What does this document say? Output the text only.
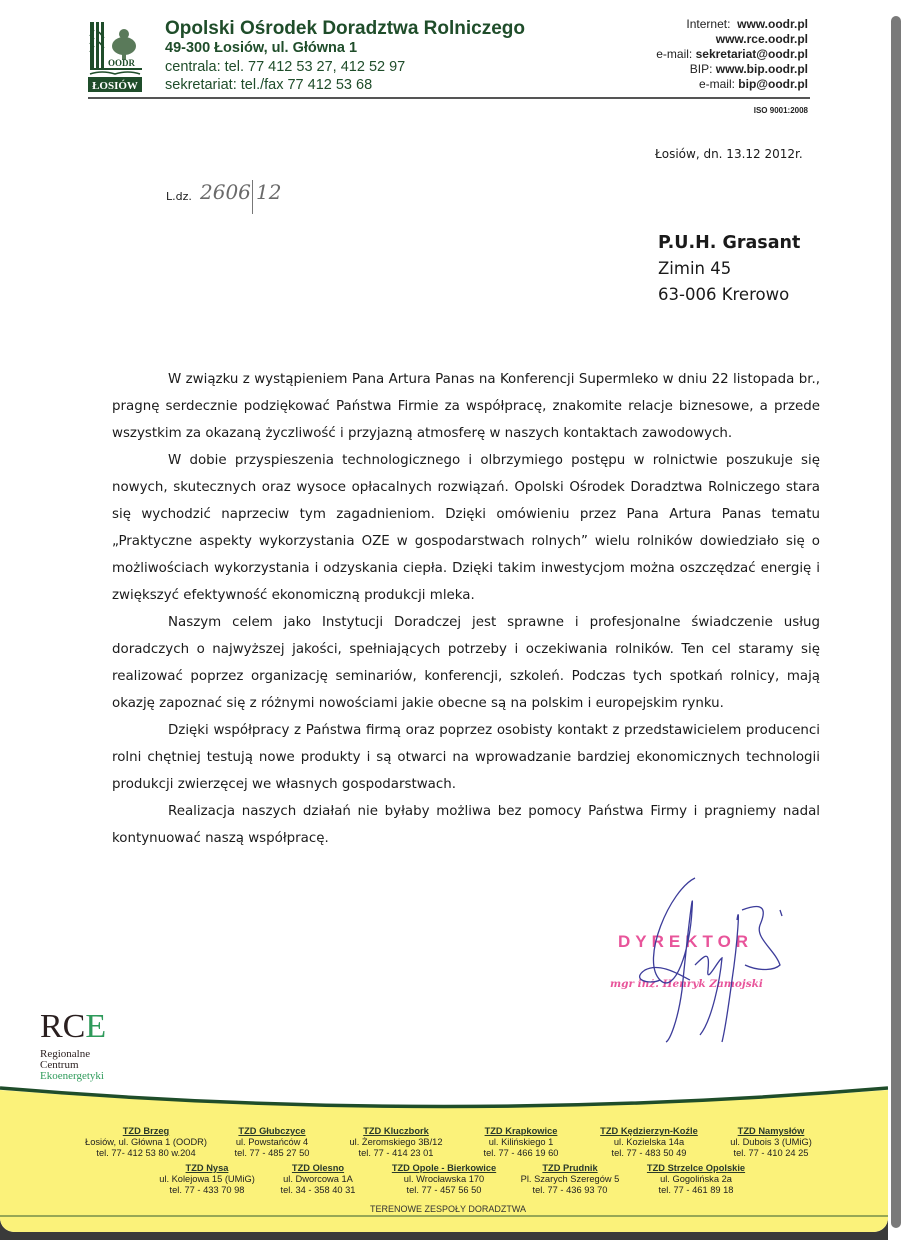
OODR
ŁOSIÓW
Opolski Ośrodek Doradztwa Rolniczego
49-300 Łosiów, ul. Główna 1
centrala: tel. 77 412 53 27, 412 52 97
sekretariat: tel./fax 77 412 53 68
Internet: www.oodr.pl
www.rce.oodr.pl
e-mail: sekretariat@oodr.pl
BIP: www.bip.oodr.pl
e-mail: bip@oodr.pl
ISO 9001:2008
Łosiów, dn. 13.12 2012r.
L.dz. 2606 12
P.U.H. Grasant
Zimin 45
63-006 Krerowo

W związku z wystąpieniem Pana Artura Panas na Konferencji Supermleko w dniu 22 listopada br., pragnę serdecznie podziękować Państwa Firmie za współpracę, znakomite relacje biznesowe, a przede wszystkim za okazaną życzliwość i przyjazną atmosferę w naszych kontaktach zawodowych.

W dobie przyspieszenia technologicznego i olbrzymiego postępu w rolnictwie poszukuje się nowych, skutecznych oraz wysoce opłacalnych rozwiązań. Opolski Ośrodek Doradztwa Rolniczego stara się wychodzić naprzeciw tym zagadnieniom. Dzięki omówieniu przez Pana Artura Panas tematu „Praktyczne aspekty wykorzystania OZE w gospodarstwach rolnych” wielu rolników dowiedziało się o możliwościach wykorzystania i odzyskania ciepła. Dzięki takim inwestycjom można oszczędzać energię i zwiększyć efektywność ekonomiczną produkcji mleka.

Naszym celem jako Instytucji Doradczej jest sprawne i profesjonalne świadczenie usług doradczych o najwyższej jakości, spełniających potrzeby i oczekiwania rolników. Ten cel staramy się realizować poprzez organizację seminariów, konferencji, szkoleń. Podczas tych spotkań rolnicy, mają okazję zapoznać się z różnymi nowościami jakie obecne są na polskim i europejskim rynku.

Dzięki współpracy z Państwa firmą oraz poprzez osobisty kontakt z przedstawicielem producenci rolni chętniej testują nowe produkty i są otwarci na wprowadzanie bardziej ekonomicznych technologii produkcji zwierzęcej we własnych gospodarstwach.

Realizacja naszych działań nie byłaby możliwa bez pomocy Państwa Firmy i pragniemy nadal kontynuować naszą współpracę.

DYREKTOR
mgr inż. Henryk Zamojski
RCE
Regionalne
Centrum
Ekoenergetyki
TZD Brzeg
Łosiów, ul. Główna 1 (OODR)
tel. 77- 412 53 80 w.204
TZD Głubczyce
ul. Powstańców 4
tel. 77 - 485 27 50
TZD Kluczbork
ul. Żeromskiego 3B/12
tel. 77 - 414 23 01
TZD Krapkowice
ul. Kilińskiego 1
tel. 77 - 466 19 60
TZD Kędzierzyn-Koźle
ul. Kozielska 14a
tel. 77 - 483 50 49
TZD Namysłów
ul. Dubois 3 (UMiG)
tel. 77 - 410 24 25
TZD Nysa
ul. Kolejowa 15 (UMiG)
tel. 77 - 433 70 98
TZD Olesno
ul. Dworcowa 1A
tel. 34 - 358 40 31
TZD Opole - Bierkowice
ul. Wrocławska 170
tel. 77 - 457 56 50
TZD Prudnik
Pl. Szarych Szeregów 5
tel. 77 - 436 93 70
TZD Strzelce Opolskie
ul. Gogolińska 2a
tel. 77 - 461 89 18
TERENOWE ZESPOŁY DORADZTWA
